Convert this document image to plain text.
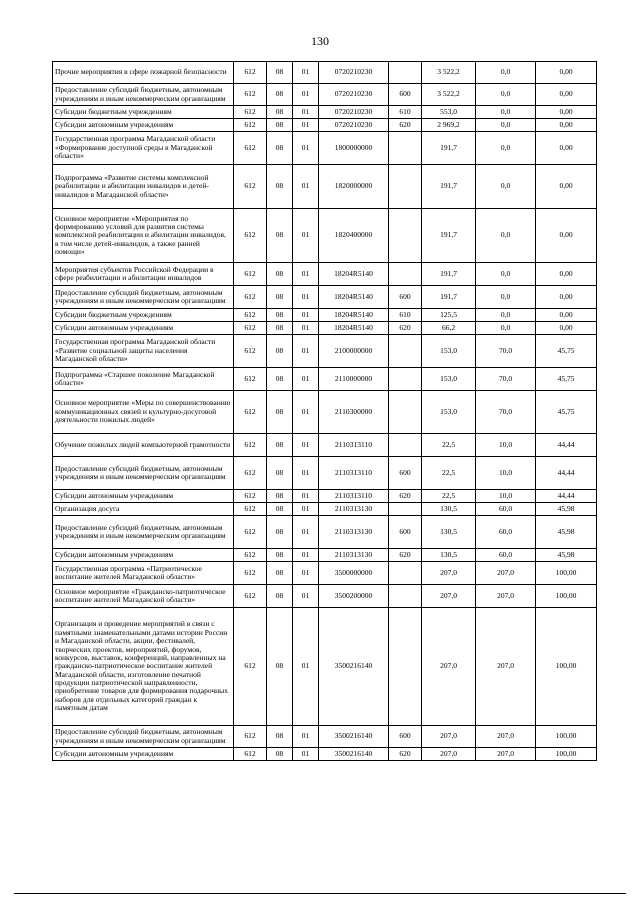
130
Прочие мероприятия в сфере пожарной безопасности	612	08	01	0720210230		3 522,2	0,0	0,00
Предоставление субсидий бюджетным, автономным учреждениям и иным некоммерческим организациям	612	08	01	0720210230	600	3 522,2	0,0	0,00
Субсидии бюджетным учреждениям	612	08	01	0720210230	610	553,0	0,0	0,00
Субсидии автономным учреждениям	612	08	01	0720210230	620	2 969,2	0,0	0,00
Государственная программа Магаданской области «Формирование доступной среды в Магаданской области»	612	08	01	1800000000		191,7	0,0	0,00
Подпрограмма «Развитие системы комплексной реабилитации и абилитации инвалидов и детей-инвалидов в Магаданской области»	612	08	01	1820000000		191,7	0,0	0,00
Основное мероприятие «Мероприятия по формированию условий для развития системы комплексной реабилитации и абилитации инвалидов, в том числе детей-инвалидов, а также ранней помощи»	612	08	01	1820400000		191,7	0,0	0,00
Мероприятия субъектов Российской Федерации в сфере реабилитации и абилитации инвалидов	612	08	01	18204R5140		191,7	0,0	0,00
Предоставление субсидий бюджетным, автономным учреждениям и иным некоммерческим организациям	612	08	01	18204R5140	600	191,7	0,0	0,00
Субсидии бюджетным учреждениям	612	08	01	18204R5140	610	125,5	0,0	0,00
Субсидии автономным учреждениям	612	08	01	18204R5140	620	66,2	0,0	0,00
Государственная программа Магаданской области «Развитие социальной защиты населения Магаданской области»	612	08	01	2100000000		153,0	70,0	45,75
Подпрограмма «Старшее поколение Магаданской области»	612	08	01	2110000000		153,0	70,0	45,75
Основное мероприятие «Меры по совершенствованию коммуникационных связей и культурно-досуговой деятельности пожилых людей»	612	08	01	2110300000		153,0	70,0	45,75
Обучение пожилых людей компьютерной грамотности	612	08	01	2110313110		22,5	10,0	44,44
Предоставление субсидий бюджетным, автономным учреждениям и иным некоммерческим организациям	612	08	01	2110313110	600	22,5	10,0	44,44
Субсидии автономным учреждениям	612	08	01	2110313110	620	22,5	10,0	44,44
Организация досуга	612	08	01	2110313130		130,5	60,0	45,98
Предоставление субсидий бюджетным, автономным учреждениям и иным некоммерческим организациям	612	08	01	2110313130	600	130,5	60,0	45,98
Субсидии автономным учреждениям	612	08	01	2110313130	620	130,5	60,0	45,98
Государственная программа «Патриотическое воспитание жителей Магаданской области»	612	08	01	3500000000		207,0	207,0	100,00
Основное мероприятие «Гражданско-патриотическое воспитание жителей Магаданской области»	612	08	01	3500200000		207,0	207,0	100,00
Организация и проведение мероприятий в связи с памятными знаменательными датами истории России и Магаданской области, акции, фестивалей, творческих проектов, мероприятий, форумов, конкурсов, выставок, конференций, направленных на гражданско-патриотическое воспитание жителей Магаданской области, изготовление печатной продукции патриотической направленности, приобретение товаров для формирования подарочных наборов для отдельных категорий граждан к памятным датам	612	08	01	3500216140		207,0	207,0	100,00
Предоставление субсидий бюджетным, автономным учреждениям и иным некоммерческим организациям	612	08	01	3500216140	600	207,0	207,0	100,00
Субсидии автономным учреждениям	612	08	01	3500216140	620	207,0	207,0	100,00
